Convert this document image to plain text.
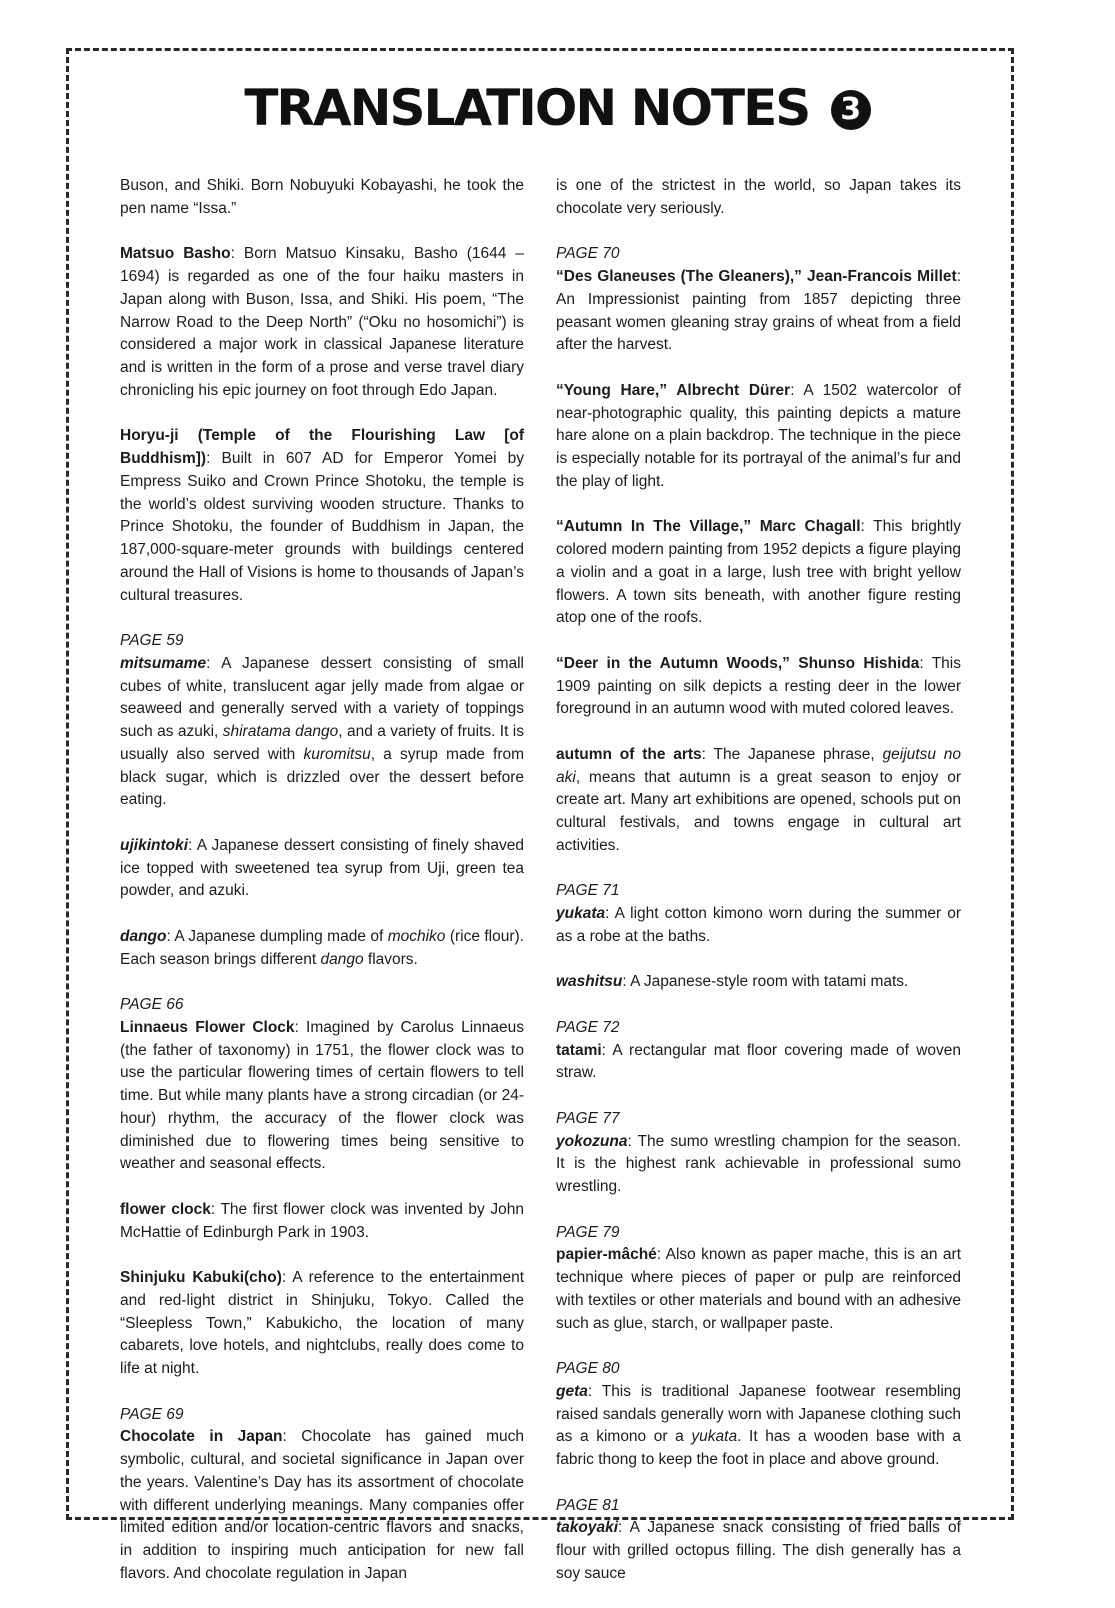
TRANSLATION NOTES 3

Buson, and Shiki. Born Nobuyuki Kobayashi, he took the pen name “Issa.”

Matsuo Basho: Born Matsuo Kinsaku, Basho (1644 – 1694) is regarded as one of the four haiku masters in Japan along with Buson, Issa, and Shiki. His poem, “The Narrow Road to the Deep North” (“Oku no hosomichi”) is considered a major work in classical Japanese literature and is written in the form of a prose and verse travel diary chronicling his epic journey on foot through Edo Japan.

Horyu-ji (Temple of the Flourishing Law [of Buddhism]): Built in 607 AD for Emperor Yomei by Empress Suiko and Crown Prince Shotoku, the temple is the world’s oldest surviving wooden structure. Thanks to Prince Shotoku, the founder of Buddhism in Japan, the 187,000-square-meter grounds with buildings centered around the Hall of Visions is home to thousands of Japan’s cultural treasures.

PAGE 59
mitsumame: A Japanese dessert consisting of small cubes of white, translucent agar jelly made from algae or seaweed and generally served with a variety of toppings such as azuki, shiratama dango, and a variety of fruits. It is usually also served with kuromitsu, a syrup made from black sugar, which is drizzled over the dessert before eating.

ujikintoki: A Japanese dessert consisting of finely shaved ice topped with sweetened tea syrup from Uji, green tea powder, and azuki.

dango: A Japanese dumpling made of mochiko (rice flour). Each season brings different dango flavors.

PAGE 66
Linnaeus Flower Clock: Imagined by Carolus Linnaeus (the father of taxonomy) in 1751, the flower clock was to use the particular flowering times of certain flowers to tell time. But while many plants have a strong circadian (or 24-hour) rhythm, the accuracy of the flower clock was diminished due to flowering times being sensitive to weather and seasonal effects.

flower clock: The first flower clock was invented by John McHattie of Edinburgh Park in 1903.

Shinjuku Kabuki(cho): A reference to the entertainment and red-light district in Shinjuku, Tokyo. Called the “Sleepless Town,” Kabukicho, the location of many cabarets, love hotels, and nightclubs, really does come to life at night.

PAGE 69
Chocolate in Japan: Chocolate has gained much symbolic, cultural, and societal significance in Japan over the years. Valentine’s Day has its assortment of chocolate with different underlying meanings. Many companies offer limited edition and/or location-centric flavors and snacks, in addition to inspiring much anticipation for new fall flavors. And chocolate regulation in Japan

is one of the strictest in the world, so Japan takes its chocolate very seriously.

PAGE 70
“Des Glaneuses (The Gleaners),” Jean-Francois Millet: An Impressionist painting from 1857 depicting three peasant women gleaning stray grains of wheat from a field after the harvest.

“Young Hare,” Albrecht Dürer: A 1502 watercolor of near-photographic quality, this painting depicts a mature hare alone on a plain backdrop. The technique in the piece is especially notable for its portrayal of the animal’s fur and the play of light.

“Autumn In The Village,” Marc Chagall: This brightly colored modern painting from 1952 depicts a figure playing a violin and a goat in a large, lush tree with bright yellow flowers. A town sits beneath, with another figure resting atop one of the roofs.

“Deer in the Autumn Woods,” Shunso Hishida: This 1909 painting on silk depicts a resting deer in the lower foreground in an autumn wood with muted colored leaves.

autumn of the arts: The Japanese phrase, geijutsu no aki, means that autumn is a great season to enjoy or create art. Many art exhibitions are opened, schools put on cultural festivals, and towns engage in cultural art activities.

PAGE 71
yukata: A light cotton kimono worn during the summer or as a robe at the baths.

washitsu: A Japanese-style room with tatami mats.

PAGE 72
tatami: A rectangular mat floor covering made of woven straw.

PAGE 77
yokozuna: The sumo wrestling champion for the season. It is the highest rank achievable in professional sumo wrestling.

PAGE 79
papier-mâché: Also known as paper mache, this is an art technique where pieces of paper or pulp are reinforced with textiles or other materials and bound with an adhesive such as glue, starch, or wallpaper paste.

PAGE 80
geta: This is traditional Japanese footwear resembling raised sandals generally worn with Japanese clothing such as a kimono or a yukata. It has a wooden base with a fabric thong to keep the foot in place and above ground.

PAGE 81
takoyaki: A Japanese snack consisting of fried balls of flour with grilled octopus filling. The dish generally has a soy sauce
